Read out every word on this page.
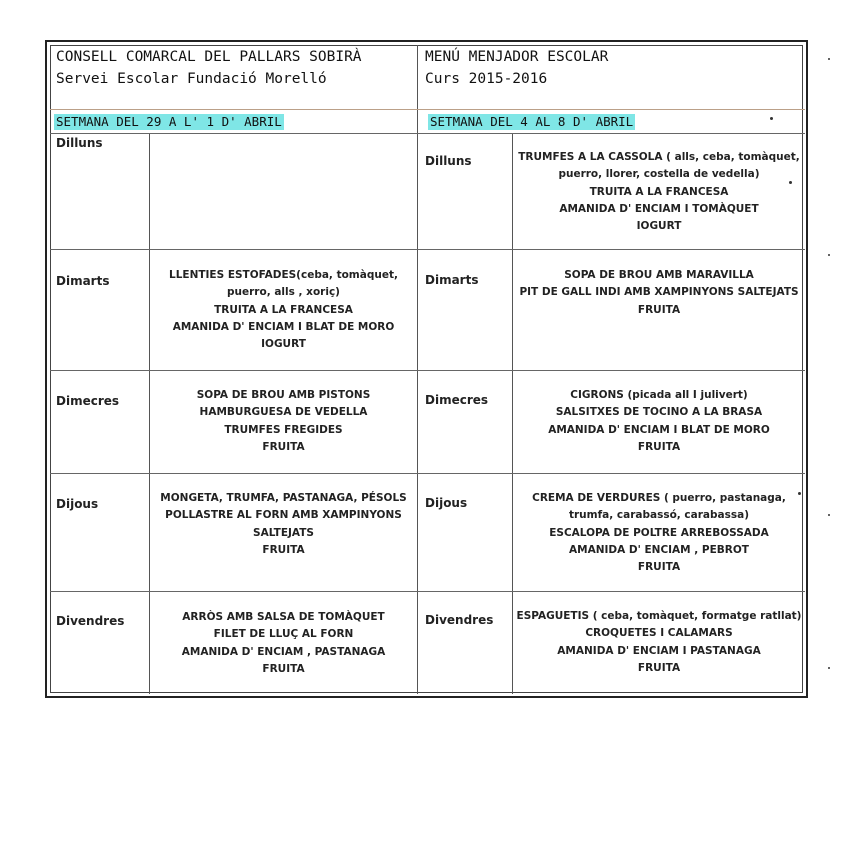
CONSELL COMARCAL DEL PALLARS SOBIRÀ
Servei Escolar Fundació Morelló
MENÚ MENJADOR ESCOLAR
Curs 2015-2016
SETMANA DEL 29 A L' 1 D' ABRIL	SETMANA DEL 4 AL 8 D' ABRIL
Dilluns
Dimarts
Dimecres
Dijous
Divendres
LLENTIES ESTOFADES(ceba, tomàquet,
puerro, alls , xoriç)
TRUITA A LA FRANCESA
AMANIDA D' ENCIAM I BLAT DE MORO
IOGURT
SOPA DE BROU AMB PISTONS
HAMBURGUESA DE VEDELLA
TRUMFES FREGIDES
FRUITA
MONGETA, TRUMFA, PASTANAGA, PÉSOLS
POLLASTRE AL FORN AMB XAMPINYONS
SALTEJATS
FRUITA
ARRÒS AMB SALSA DE TOMÀQUET
FILET DE LLUÇ AL FORN
AMANIDA D' ENCIAM , PASTANAGA
FRUITA
Dilluns
Dimarts
Dimecres
Dijous
Divendres
TRUMFES A LA CASSOLA ( alls, ceba, tomàquet,
puerro, llorer, costella de vedella)
TRUITA A LA FRANCESA
AMANIDA D' ENCIAM I TOMÀQUET
IOGURT
SOPA DE BROU AMB MARAVILLA
PIT DE GALL INDI AMB XAMPINYONS SALTEJATS
FRUITA
CIGRONS (picada all I julivert)
SALSITXES DE TOCINO A LA BRASA
AMANIDA D' ENCIAM I BLAT DE MORO
FRUITA
CREMA DE VERDURES ( puerro, pastanaga,
trumfa, carabassó, carabassa)
ESCALOPA DE POLTRE ARREBOSSADA
AMANIDA D' ENCIAM , PEBROT
FRUITA
ESPAGUETIS ( ceba, tomàquet, formatge ratllat)
CROQUETES I CALAMARS
AMANIDA D' ENCIAM I PASTANAGA
FRUITA
